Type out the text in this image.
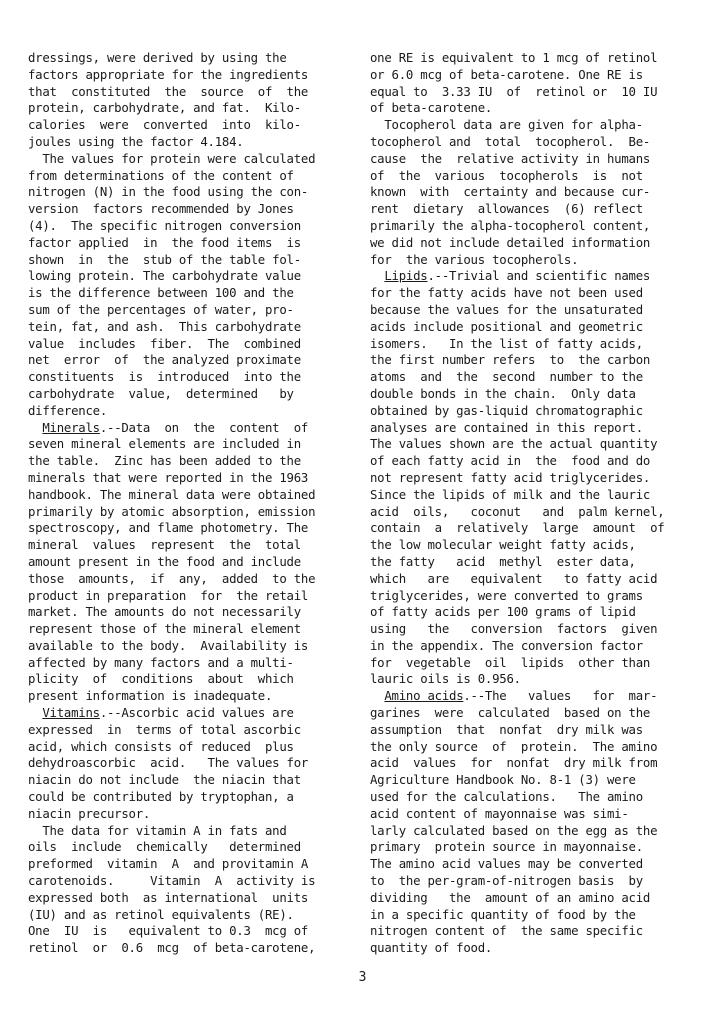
dressings, were derived by using the
factors appropriate for the ingredients
that  constituted  the  source  of  the
protein, carbohydrate, and fat.  Kilo-
calories  were  converted  into  kilo-
joules using the factor 4.184.
The values for protein were calculated
from determinations of the content of
nitrogen (N) in the food using the con-
version  factors recommended by Jones
(4).  The specific nitrogen conversion
factor applied  in  the food items  is
shown  in  the  stub of the table fol-
lowing protein. The carbohydrate value
is the difference between 100 and the
sum of the percentages of water, pro-
tein, fat, and ash.  This carbohydrate
value  includes  fiber.  The  combined
net  error  of  the analyzed proximate
constituents  is  introduced  into the
carbohydrate  value,  determined   by
difference.
Minerals.--Data  on  the  content  of
seven mineral elements are included in
the table.  Zinc has been added to the
minerals that were reported in the 1963
handbook. The mineral data were obtained
primarily by atomic absorption, emission
spectroscopy, and flame photometry. The
mineral  values  represent  the  total
amount present in the food and include
those  amounts,  if  any,  added  to the
product in preparation  for  the retail
market. The amounts do not necessarily
represent those of the mineral element
available to the body.  Availability is
affected by many factors and a multi-
plicity  of  conditions  about  which
present information is inadequate.
Vitamins.--Ascorbic acid values are
expressed  in  terms of total ascorbic
acid, which consists of reduced  plus
dehydroascorbic  acid.   The values for
niacin do not include  the niacin that
could be contributed by tryptophan, a
niacin precursor.
The data for vitamin A in fats and
oils  include  chemically   determined
preformed  vitamin  A  and provitamin A
carotenoids.     Vitamin  A  activity is
expressed both  as international  units
(IU) and as retinol equivalents (RE).
One  IU  is   equivalent to 0.3  mcg of
retinol  or  0.6  mcg  of beta-carotene,
one RE is equivalent to 1 mcg of retinol
or 6.0 mcg of beta-carotene. One RE is
equal to  3.33 IU  of  retinol or  10 IU
of beta-carotene.
Tocopherol data are given for alpha-
tocopherol and  total  tocopherol.  Be-
cause  the  relative activity in humans
of  the  various  tocopherols  is  not
known  with  certainty and because cur-
rent  dietary  allowances  (6) reflect
primarily the alpha-tocopherol content,
we did not include detailed information
for  the various tocopherols.
Lipids.--Trivial and scientific names
for the fatty acids have not been used
because the values for the unsaturated
acids include positional and geometric
isomers.   In the list of fatty acids,
the first number refers  to  the carbon
atoms  and  the  second  number to the
double bonds in the chain.  Only data
obtained by gas-liquid chromatographic
analyses are contained in this report.
The values shown are the actual quantity
of each fatty acid in  the  food and do
not represent fatty acid triglycerides.
Since the lipids of milk and the lauric
acid  oils,   coconut   and  palm kernel,
contain  a  relatively  large  amount  of
the low molecular weight fatty acids,
the fatty   acid  methyl  ester data,
which   are   equivalent   to fatty acid
triglycerides, were converted to grams
of fatty acids per 100 grams of lipid
using   the   conversion  factors  given
in the appendix. The conversion factor
for  vegetable  oil  lipids  other than
lauric oils is 0.956.
Amino acids.--The   values   for  mar-
garines  were  calculated  based on the
assumption  that  nonfat  dry milk was
the only source  of  protein.  The amino
acid  values  for  nonfat  dry milk from
Agriculture Handbook No. 8-1 (3) were
used for the calculations.   The amino
acid content of mayonnaise was simi-
larly calculated based on the egg as the
primary  protein source in mayonnaise.
The amino acid values may be converted
to  the per-gram-of-nitrogen basis  by
dividing   the  amount of an amino acid
in a specific quantity of food by the
nitrogen content of  the same specific
quantity of food.
3
